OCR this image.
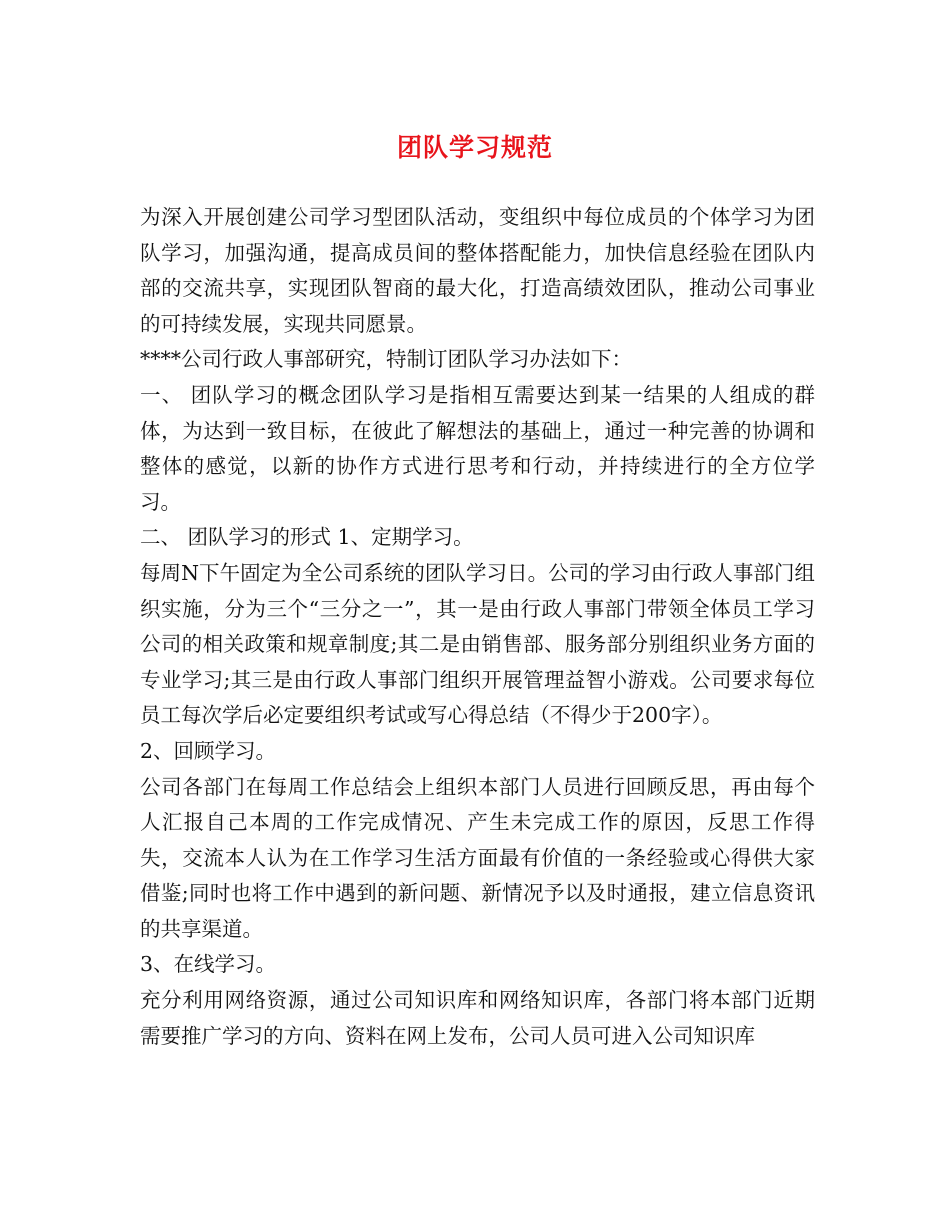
团队学习规范

为深入开展创建公司学习型团队活动，变组织中每位成员的个体学习为团队学习，加强沟通，提高成员间的整体搭配能力，加快信息经验在团队内部的交流共享，实现团队智商的最大化，打造高绩效团队，推动公司事业的可持续发展，实现共同愿景。

****公司行政人事部研究，特制订团队学习办法如下：

一、 团队学习的概念团队学习是指相互需要达到某一结果的人组成的群体，为达到一致目标，在彼此了解想法的基础上，通过一种完善的协调和整体的感觉，以新的协作方式进行思考和行动，并持续进行的全方位学习。

二、 团队学习的形式 1、定期学习。

每周N下午固定为全公司系统的团队学习日。公司的学习由行政人事部门组织实施，分为三个“三分之一”，其一是由行政人事部门带领全体员工学习公司的相关政策和规章制度;其二是由销售部、服务部分别组织业务方面的专业学习;其三是由行政人事部门组织开展管理益智小游戏。公司要求每位员工每次学后必定要组织考试或写心得总结（不得少于200字）。

2、回顾学习。

公司各部门在每周工作总结会上组织本部门人员进行回顾反思，再由每个人汇报自己本周的工作完成情况、产生未完成工作的原因，反思工作得失，交流本人认为在工作学习生活方面最有价值的一条经验或心得供大家借鉴;同时也将工作中遇到的新问题、新情况予以及时通报，建立信息资讯的共享渠道。

3、在线学习。

充分利用网络资源，通过公司知识库和网络知识库，各部门将本部门近期需要推广学习的方向、资料在网上发布，公司人员可进入公司知识库
